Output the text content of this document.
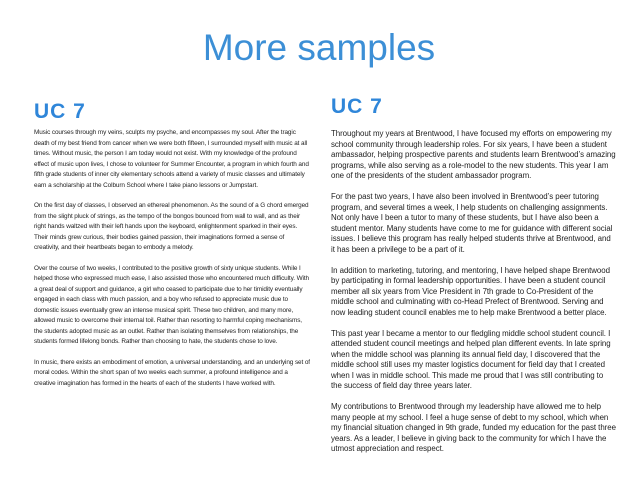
More samples
UC 7	UC 7

Music courses through my veins, sculpts my psyche, and encompasses my soul. After the tragic death of my best friend from cancer when we were both fifteen, I surrounded myself with music at all times. Without music, the person I am today would not exist. With my knowledge of the profound effect of music upon lives, I chose to volunteer for Summer Encounter, a program in which fourth and fifth grade students of inner city elementary schools attend a variety of music classes and ultimately earn a scholarship at the Colburn School where I take piano lessons or Jumpstart.

On the first day of classes, I observed an ethereal phenomenon. As the sound of a G chord emerged from the slight pluck of strings, as the tempo of the bongos bounced from wall to wall, and as their right hands waltzed with their left hands upon the keyboard, enlightenment sparked in their eyes. Their minds grew curious, their bodies gained passion, their imaginations formed a sense of creativity, and their heartbeats began to embody a melody.

Over the course of two weeks, I contributed to the positive growth of sixty unique students. While I helped those who expressed much ease, I also assisted those who encountered much difficulty. With a great deal of support and guidance, a girl who ceased to participate due to her timidity eventually engaged in each class with much passion, and a boy who refused to appreciate music due to domestic issues eventually grew an intense musical spirit. These two children, and many more, allowed music to overcome their internal toil. Rather than resorting to harmful coping mechanisms, the students adopted music as an outlet. Rather than isolating themselves from relationships, the students formed lifelong bonds. Rather than choosing to hate, the students chose to love.

In music, there exists an embodiment of emotion, a universal understanding, and an underlying set of moral codes. Within the short span of two weeks each summer, a profound intelligence and a creative imagination has formed in the hearts of each of the students I have worked with.

Throughout my years at Brentwood, I have focused my efforts on empowering my school community through leadership roles. For six years, I have been a student ambassador, helping prospective parents and students learn Brentwood’s amazing programs, while also serving as a role-model to the new students. This year I am one of the presidents of the student ambassador program.

For the past two years, I have also been involved in Brentwood’s peer tutoring program, and several times a week, I help students on challenging assignments. Not only have I been a tutor to many of these students, but I have also been a student mentor. Many students have come to me for guidance with different social issues. I believe this program has really helped students thrive at Brentwood, and it has been a privilege to be a part of it.

In addition to marketing, tutoring, and mentoring, I have helped shape Brentwood by participating in formal leadership opportunities. I have been a student council member all six years from Vice President in 7th grade to Co-President of the middle school and culminating with co-Head Prefect of Brentwood. Serving and now leading student council enables me to help make Brentwood a better place.

This past year I became a mentor to our fledgling middle school student council. I attended student council meetings and helped plan different events. In late spring when the middle school was planning its annual field day, I discovered that the middle school still uses my master logistics document for field day that I created when I was in middle school. This made me proud that I was still contributing to the success of field day three years later.

My contributions to Brentwood through my leadership have allowed me to help many people at my school. I feel a huge sense of debt to my school, which when my financial situation changed in 9th grade, funded my education for the past three years. As a leader, I believe in giving back to the community for which I have the utmost appreciation and respect.
